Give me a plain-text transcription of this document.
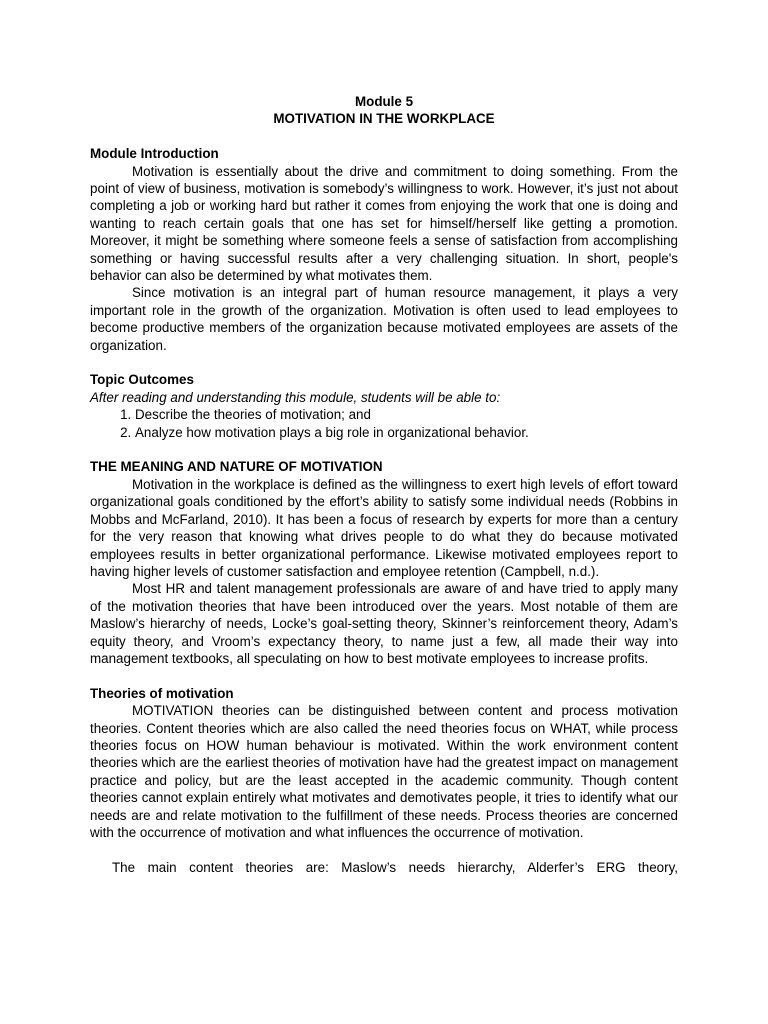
Module 5
MOTIVATION IN THE WORKPLACE
Module Introduction

Motivation is essentially about the drive and commitment to doing something. From the point of view of business, motivation is somebody’s willingness to work. However, it’s just not about completing a job or working hard but rather it comes from enjoying the work that one is doing and wanting to reach certain goals that one has set for himself/herself like getting a promotion. Moreover, it might be something where someone feels a sense of satisfaction from accomplishing something or having successful results after a very challenging situation. In short, people's behavior can also be determined by what motivates them.

Since motivation is an integral part of human resource management, it plays a very important role in the growth of the organization. Motivation is often used to lead employees to become productive members of the organization because motivated employees are assets of the organization.

Topic Outcomes

After reading and understanding this module, students will be able to:

1. Describe the theories of motivation; and
2. Analyze how motivation plays a big role in organizational behavior.
THE MEANING AND NATURE OF MOTIVATION

Motivation in the workplace is defined as the willingness to exert high levels of effort toward organizational goals conditioned by the effort’s ability to satisfy some individual needs (Robbins in Mobbs and McFarland, 2010). It has been a focus of research by experts for more than a century for the very reason that knowing what drives people to do what they do because motivated employees results in better organizational performance. Likewise motivated employees report to having higher levels of customer satisfaction and employee retention (Campbell, n.d.).

Most HR and talent management professionals are aware of and have tried to apply many of the motivation theories that have been introduced over the years. Most notable of them are Maslow’s hierarchy of needs, Locke’s goal-setting theory, Skinner’s reinforcement theory, Adam’s equity theory, and Vroom’s expectancy theory, to name just a few, all made their way into management textbooks, all speculating on how to best motivate employees to increase profits.

Theories of motivation

MOTIVATION theories can be distinguished between content and process motivation theories. Content theories which are also called the need theories focus on WHAT, while process theories focus on HOW human behaviour is motivated. Within the work environment content theories which are the earliest theories of motivation have had the greatest impact on management practice and policy, but are the least accepted in the academic community. Though content theories cannot explain entirely what motivates and demotivates people, it tries to identify what our needs are and relate motivation to the fulfillment of these needs. Process theories are concerned with the occurrence of motivation and what influences the occurrence of motivation.

The main content theories are: Maslow’s needs hierarchy, Alderfer’s ERG theory,
